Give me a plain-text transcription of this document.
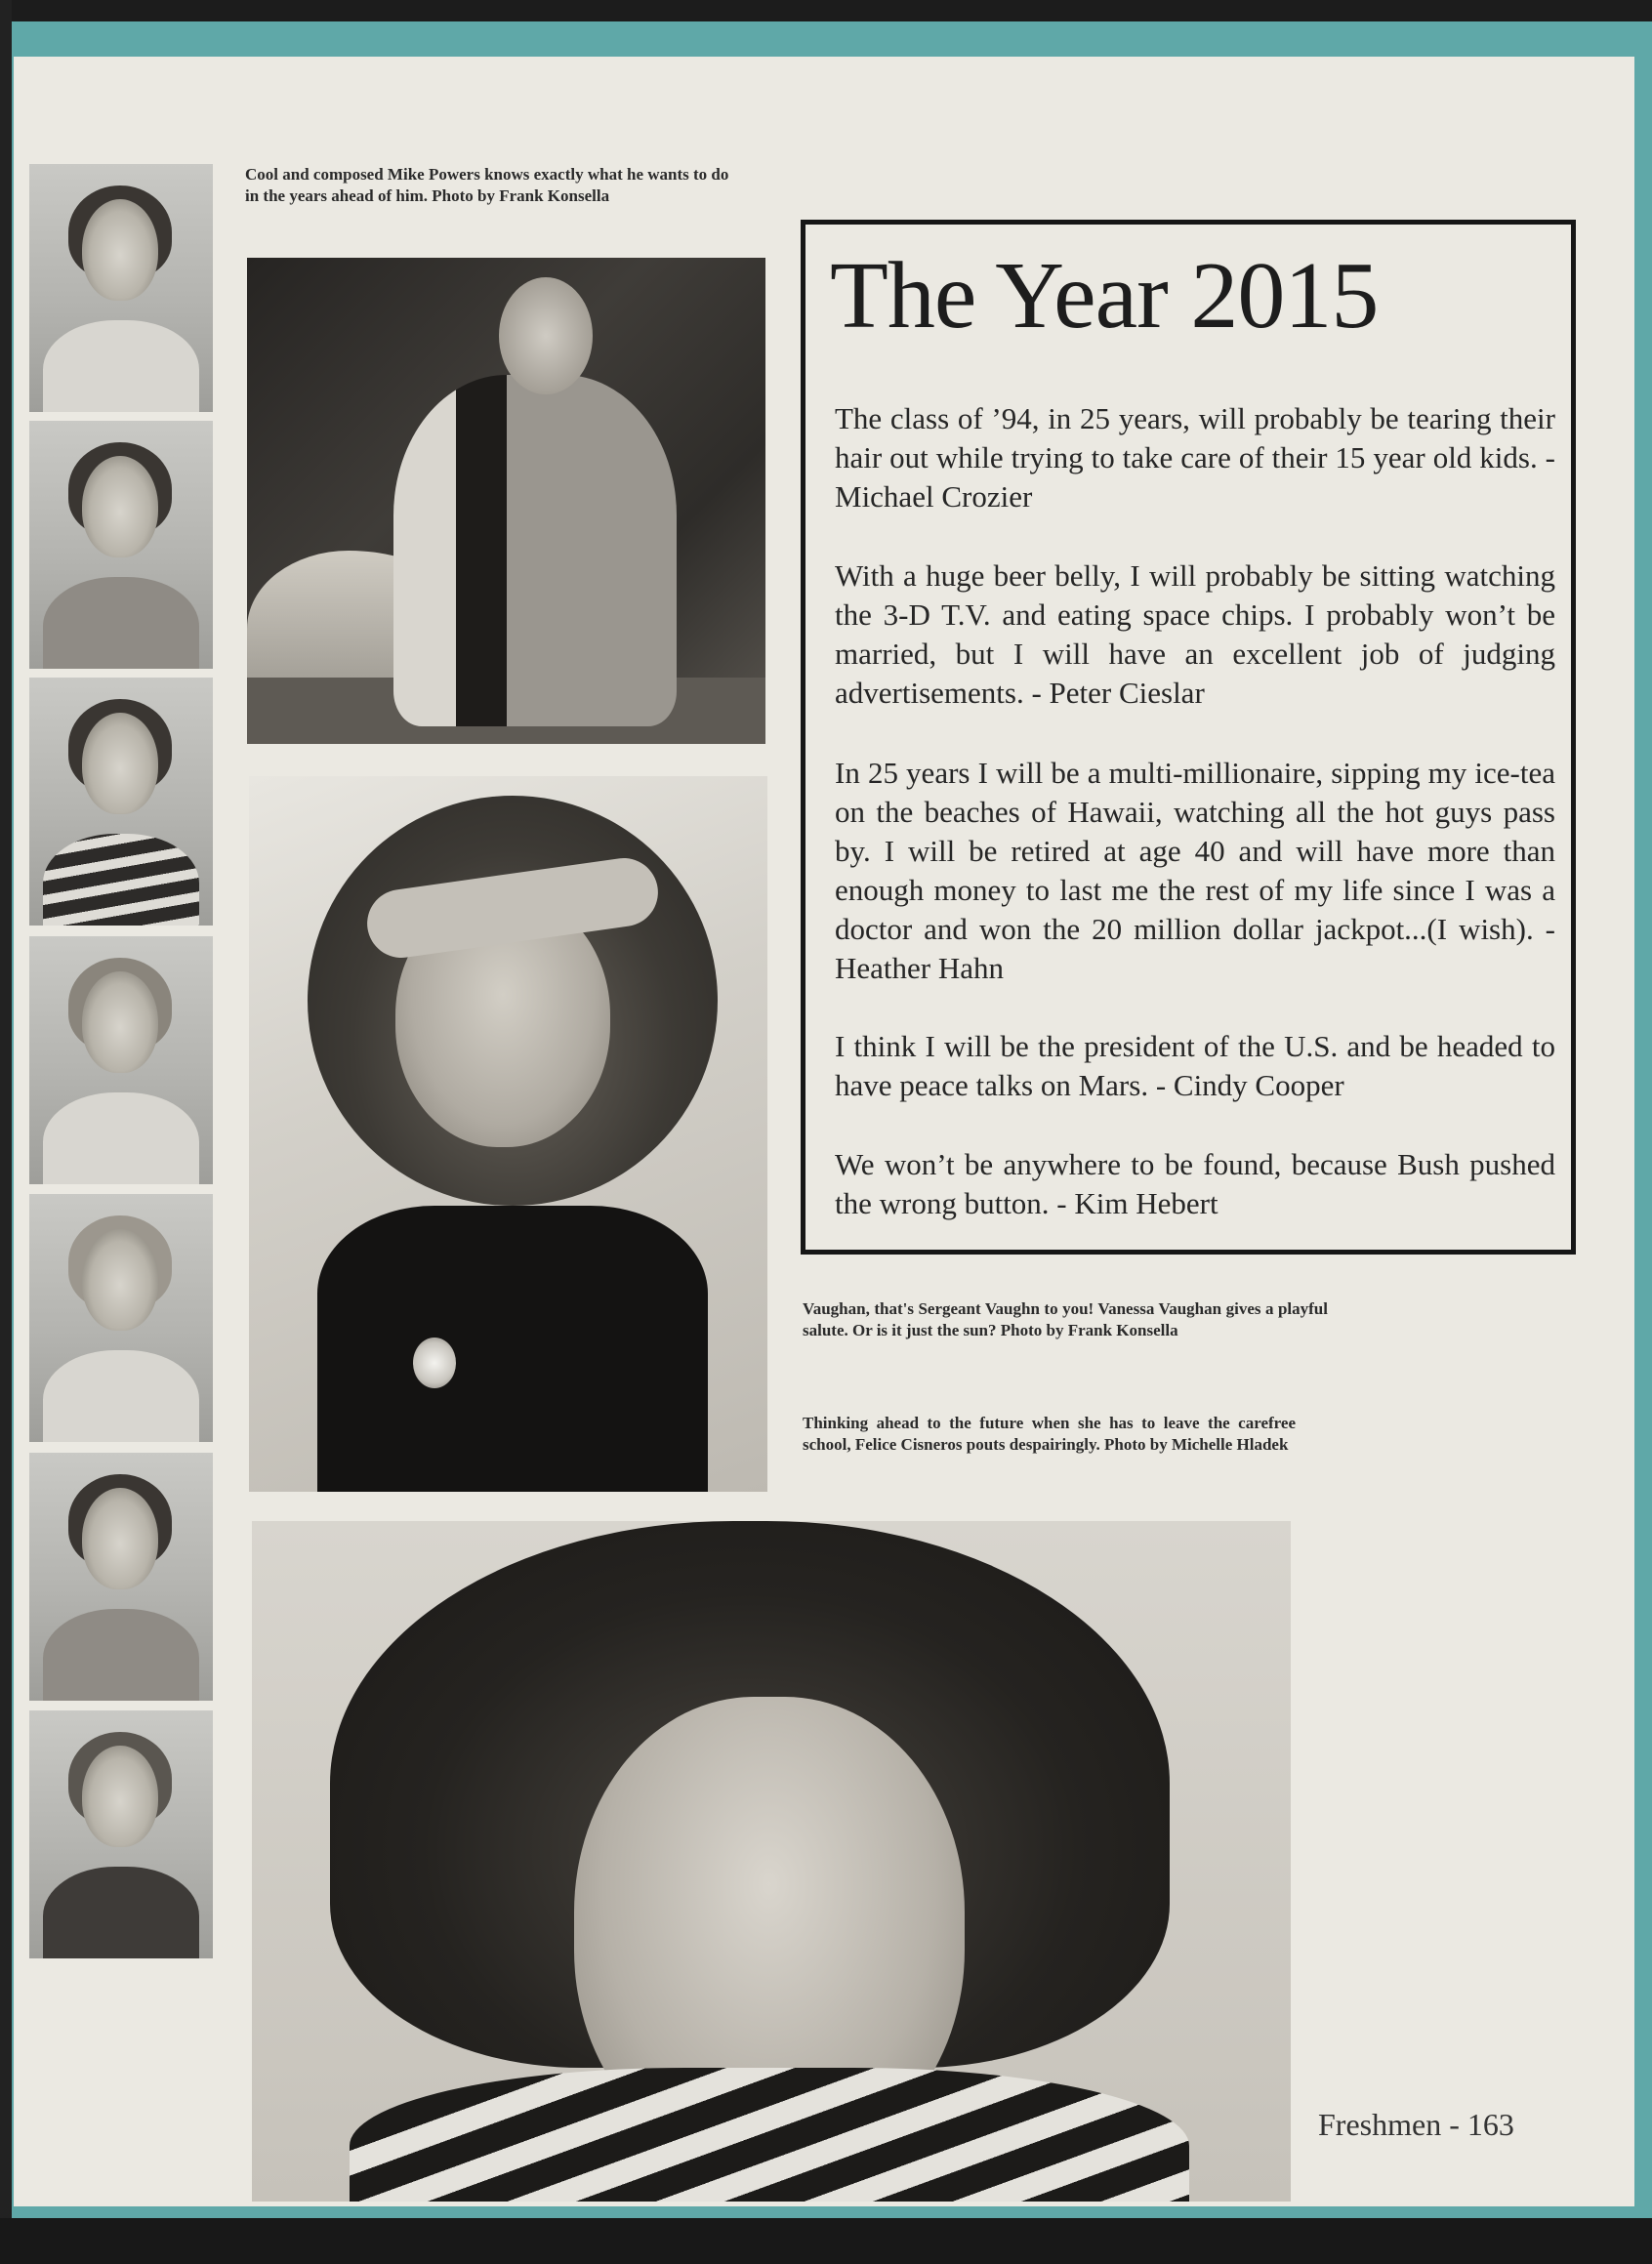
Cool and composed Mike Powers knows exactly what he wants to do in the years ahead of him. Photo by Frank Konsella

The Year 2015

The class of ’94, in 25 years, will probably be tearing their hair out while trying to take care of their 15 year old kids. - Michael Crozier

With a huge beer belly, I will probably be sitting watching the 3-D T.V. and eating space chips. I probably won’t be married, but I will have an excellent job of judging advertisements. - Peter Cieslar

In 25 years I will be a multi-millionaire, sipping my ice-tea on the beaches of Hawaii, watching all the hot guys pass by. I will be retired at age 40 and will have more than enough money to last me the rest of my life since I was a doctor and won the 20 million dollar jackpot...(I wish). - Heather Hahn

I think I will be the president of the U.S. and be headed to have peace talks on Mars. - Cindy Cooper

We won’t be anywhere to be found, because Bush pushed the wrong button. - Kim Hebert

Vaughan, that's Sergeant Vaughn to you! Vanessa Vaughan gives a playful salute. Or is it just the sun? Photo by Frank Konsella

Thinking ahead to the future when she has to leave the carefree school, Felice Cisneros pouts despairingly. Photo by Michelle Hladek

Freshmen - 163
